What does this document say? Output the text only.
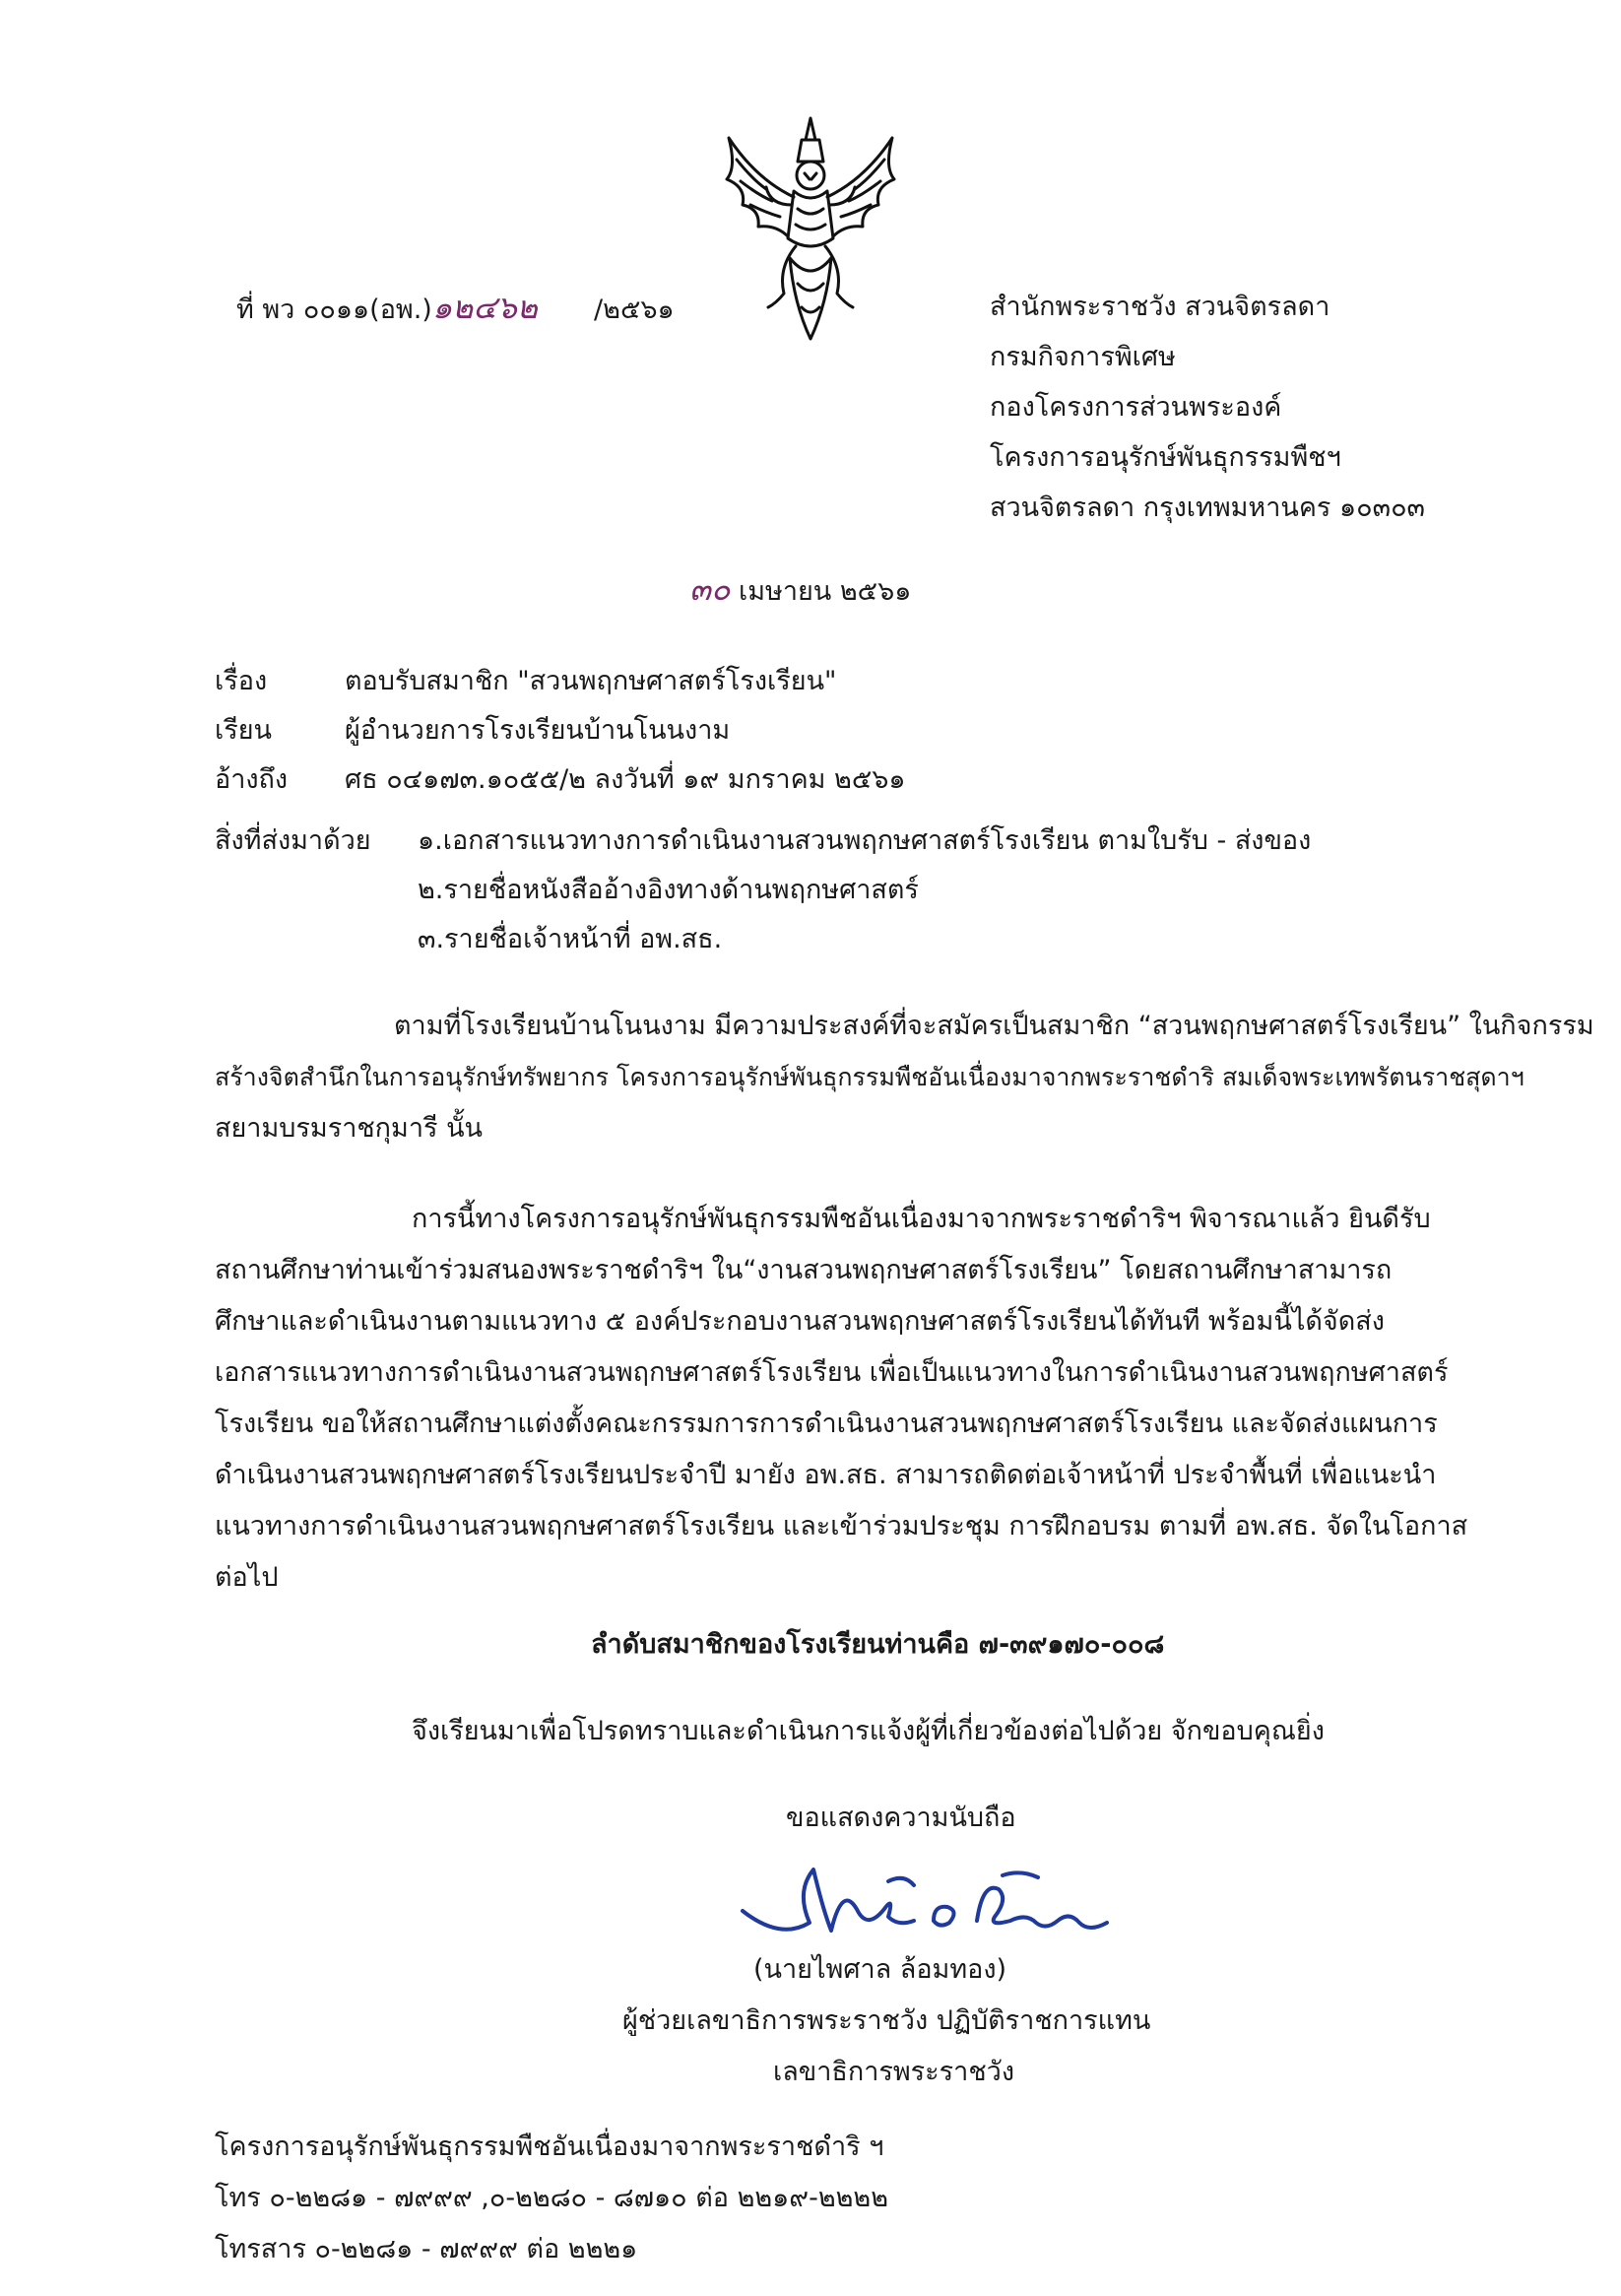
ที่ พว ๐๐๑๑(อพ.)๑๒๔๖๒ /๒๕๖๑	สำนักพระราชวัง สวนจิตรลดา
กรมกิจการพิเศษ
กองโครงการส่วนพระองค์
โครงการอนุรักษ์พันธุกรรมพืชฯ
สวนจิตรลดา กรุงเทพมหานคร ๑๐๓๐๓
๓๐ เมษายน ๒๕๖๑
เรื่อง	ตอบรับสมาชิก "สวนพฤกษศาสตร์โรงเรียน"
เรียน	ผู้อำนวยการโรงเรียนบ้านโนนงาม
อ้างถึง ศธ ๐๔๑๗๓.๑๐๕๕/๒ ลงวันที่ ๑๙ มกราคม ๒๕๖๑
สิ่งที่ส่งมาด้วย ๑.เอกสารแนวทางการดำเนินงานสวนพฤกษศาสตร์โรงเรียน ตามใบรับ - ส่งของ
๒.รายชื่อหนังสืออ้างอิงทางด้านพฤกษศาสตร์
๓.รายชื่อเจ้าหน้าที่ อพ.สธ.
ตามที่โรงเรียนบ้านโนนงาม มีความประสงค์ที่จะสมัครเป็นสมาชิก “สวนพฤกษศาสตร์โรงเรียน” ในกิจกรรม
สร้างจิตสำนึกในการอนุรักษ์ทรัพยากร โครงการอนุรักษ์พันธุกรรมพืชอันเนื่องมาจากพระราชดำริ สมเด็จพระเทพรัตนราชสุดาฯ
สยามบรมราชกุมารี นั้น
การนี้ทางโครงการอนุรักษ์พันธุกรรมพืชอันเนื่องมาจากพระราชดำริฯ พิจารณาแล้ว ยินดีรับ
สถานศึกษาท่านเข้าร่วมสนองพระราชดำริฯ ใน“งานสวนพฤกษศาสตร์โรงเรียน” โดยสถานศึกษาสามารถ
ศึกษาและดำเนินงานตามแนวทาง ๕ องค์ประกอบงานสวนพฤกษศาสตร์โรงเรียนได้ทันที พร้อมนี้ได้จัดส่ง
เอกสารแนวทางการดำเนินงานสวนพฤกษศาสตร์โรงเรียน เพื่อเป็นแนวทางในการดำเนินงานสวนพฤกษศาสตร์
โรงเรียน ขอให้สถานศึกษาแต่งตั้งคณะกรรมการการดำเนินงานสวนพฤกษศาสตร์โรงเรียน และจัดส่งแผนการ
ดำเนินงานสวนพฤกษศาสตร์โรงเรียนประจำปี มายัง อพ.สธ. สามารถติดต่อเจ้าหน้าที่ ประจำพื้นที่ เพื่อแนะนำ
แนวทางการดำเนินงานสวนพฤกษศาสตร์โรงเรียน และเข้าร่วมประชุม การฝึกอบรม ตามที่ อพ.สธ. จัดในโอกาส
ต่อไป
ลำดับสมาชิกของโรงเรียนท่านคือ ๗-๓๙๑๗๐-๐๐๘
จึงเรียนมาเพื่อโปรดทราบและดำเนินการแจ้งผู้ที่เกี่ยวข้องต่อไปด้วย จักขอบคุณยิ่ง
ขอแสดงความนับถือ
(นายไพศาล ล้อมทอง)
ผู้ช่วยเลขาธิการพระราชวัง ปฏิบัติราชการแทน
เลขาธิการพระราชวัง
โครงการอนุรักษ์พันธุกรรมพืชอันเนื่องมาจากพระราชดำริ ฯ
โทร ๐-๒๒๘๑ - ๗๙๙๙ ,๐-๒๒๘๐ - ๘๗๑๐ ต่อ ๒๒๑๙-๒๒๒๒
โทรสาร ๐-๒๒๘๑ - ๗๙๙๙ ต่อ ๒๒๒๑
